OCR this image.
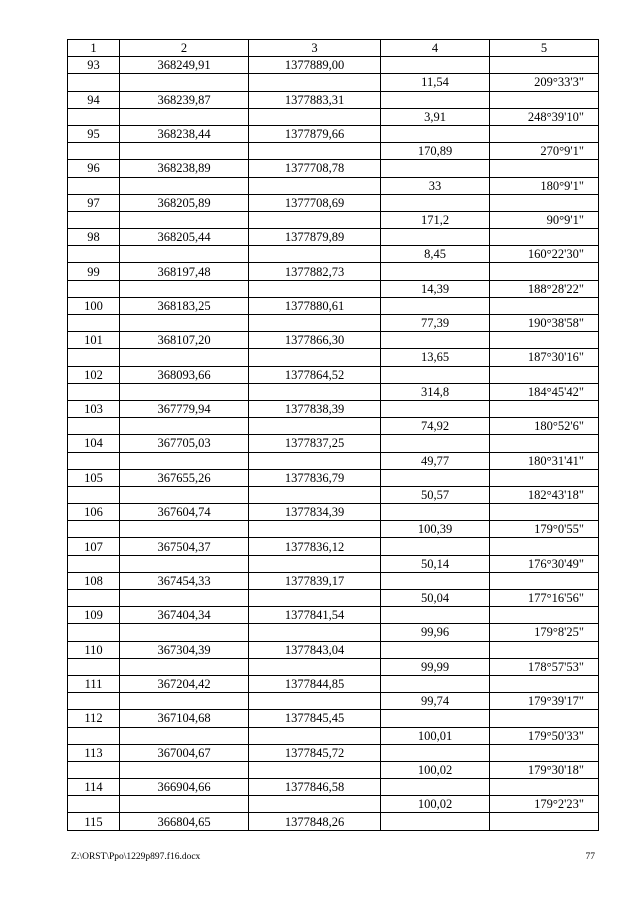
1	2	3	4	5
93	368249,91	1377889,00		
			11,54	209°33'3"
94	368239,87	1377883,31		
			3,91	248°39'10"
95	368238,44	1377879,66		
			170,89	270°9'1"
96	368238,89	1377708,78		
			33	180°9'1"
97	368205,89	1377708,69		
			171,2	90°9'1"
98	368205,44	1377879,89		
			8,45	160°22'30"
99	368197,48	1377882,73		
			14,39	188°28'22"
100	368183,25	1377880,61		
			77,39	190°38'58"
101	368107,20	1377866,30		
			13,65	187°30'16"
102	368093,66	1377864,52		
			314,8	184°45'42"
103	367779,94	1377838,39		
			74,92	180°52'6"
104	367705,03	1377837,25		
			49,77	180°31'41"
105	367655,26	1377836,79		
			50,57	182°43'18"
106	367604,74	1377834,39		
			100,39	179°0'55"
107	367504,37	1377836,12		
			50,14	176°30'49"
108	367454,33	1377839,17		
			50,04	177°16'56"
109	367404,34	1377841,54		
			99,96	179°8'25"
110	367304,39	1377843,04		
			99,99	178°57'53"
111	367204,42	1377844,85		
			99,74	179°39'17"
112	367104,68	1377845,45		
			100,01	179°50'33"
113	367004,67	1377845,72		
			100,02	179°30'18"
114	366904,66	1377846,58		
			100,02	179°2'23"
115	366804,65	1377848,26		
Z:\ORST\Ppo\1229p897.f16.docx	77
